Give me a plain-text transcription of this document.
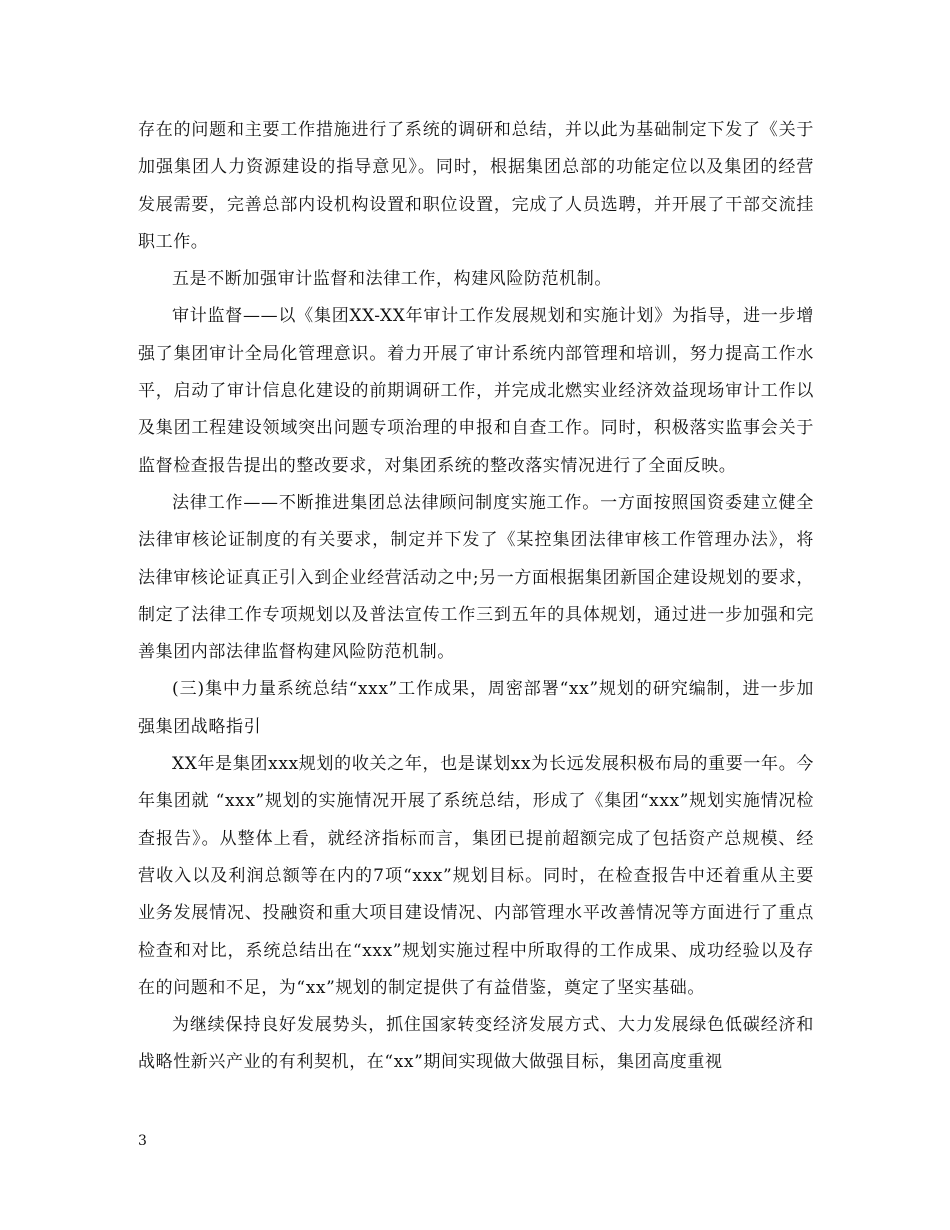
存在的问题和主要工作措施进行了系统的调研和总结，并以此为基础制定下发了《关于加强集团人力资源建设的指导意见》。同时，根据集团总部的功能定位以及集团的经营发展需要，完善总部内设机构设置和职位设置，完成了人员选聘，并开展了干部交流挂职工作。

五是不断加强审计监督和法律工作，构建风险防范机制。

审计监督——以《集团XX-XX年审计工作发展规划和实施计划》为指导，进一步增强了集团审计全局化管理意识。着力开展了审计系统内部管理和培训，努力提高工作水平，启动了审计信息化建设的前期调研工作，并完成北燃实业经济效益现场审计工作以及集团工程建设领域突出问题专项治理的申报和自查工作。同时，积极落实监事会关于监督检查报告提出的整改要求，对集团系统的整改落实情况进行了全面反映。

法律工作——不断推进集团总法律顾问制度实施工作。一方面按照国资委建立健全法律审核论证制度的有关要求，制定并下发了《某控集团法律审核工作管理办法》，将法律审核论证真正引入到企业经营活动之中;另一方面根据集团新国企建设规划的要求，制定了法律工作专项规划以及普法宣传工作三到五年的具体规划，通过进一步加强和完善集团内部法律监督构建风险防范机制。

(三)集中力量系统总结“xxx”工作成果，周密部署“xx”规划的研究编制，进一步加强集团战略指引

XX年是集团xxx规划的收关之年，也是谋划xx为长远发展积极布局的重要一年。今年集团就 “xxx”规划的实施情况开展了系统总结，形成了《集团“xxx”规划实施情况检查报告》。从整体上看，就经济指标而言，集团已提前超额完成了包括资产总规模、经营收入以及利润总额等在内的7项“xxx”规划目标。同时，在检查报告中还着重从主要业务发展情况、投融资和重大项目建设情况、内部管理水平改善情况等方面进行了重点检查和对比，系统总结出在“xxx”规划实施过程中所取得的工作成果、成功经验以及存在的问题和不足，为“xx”规划的制定提供了有益借鉴，奠定了坚实基础。

为继续保持良好发展势头，抓住国家转变经济发展方式、大力发展绿色低碳经济和战略性新兴产业的有利契机，在“xx”期间实现做大做强目标，集团高度重视

3
